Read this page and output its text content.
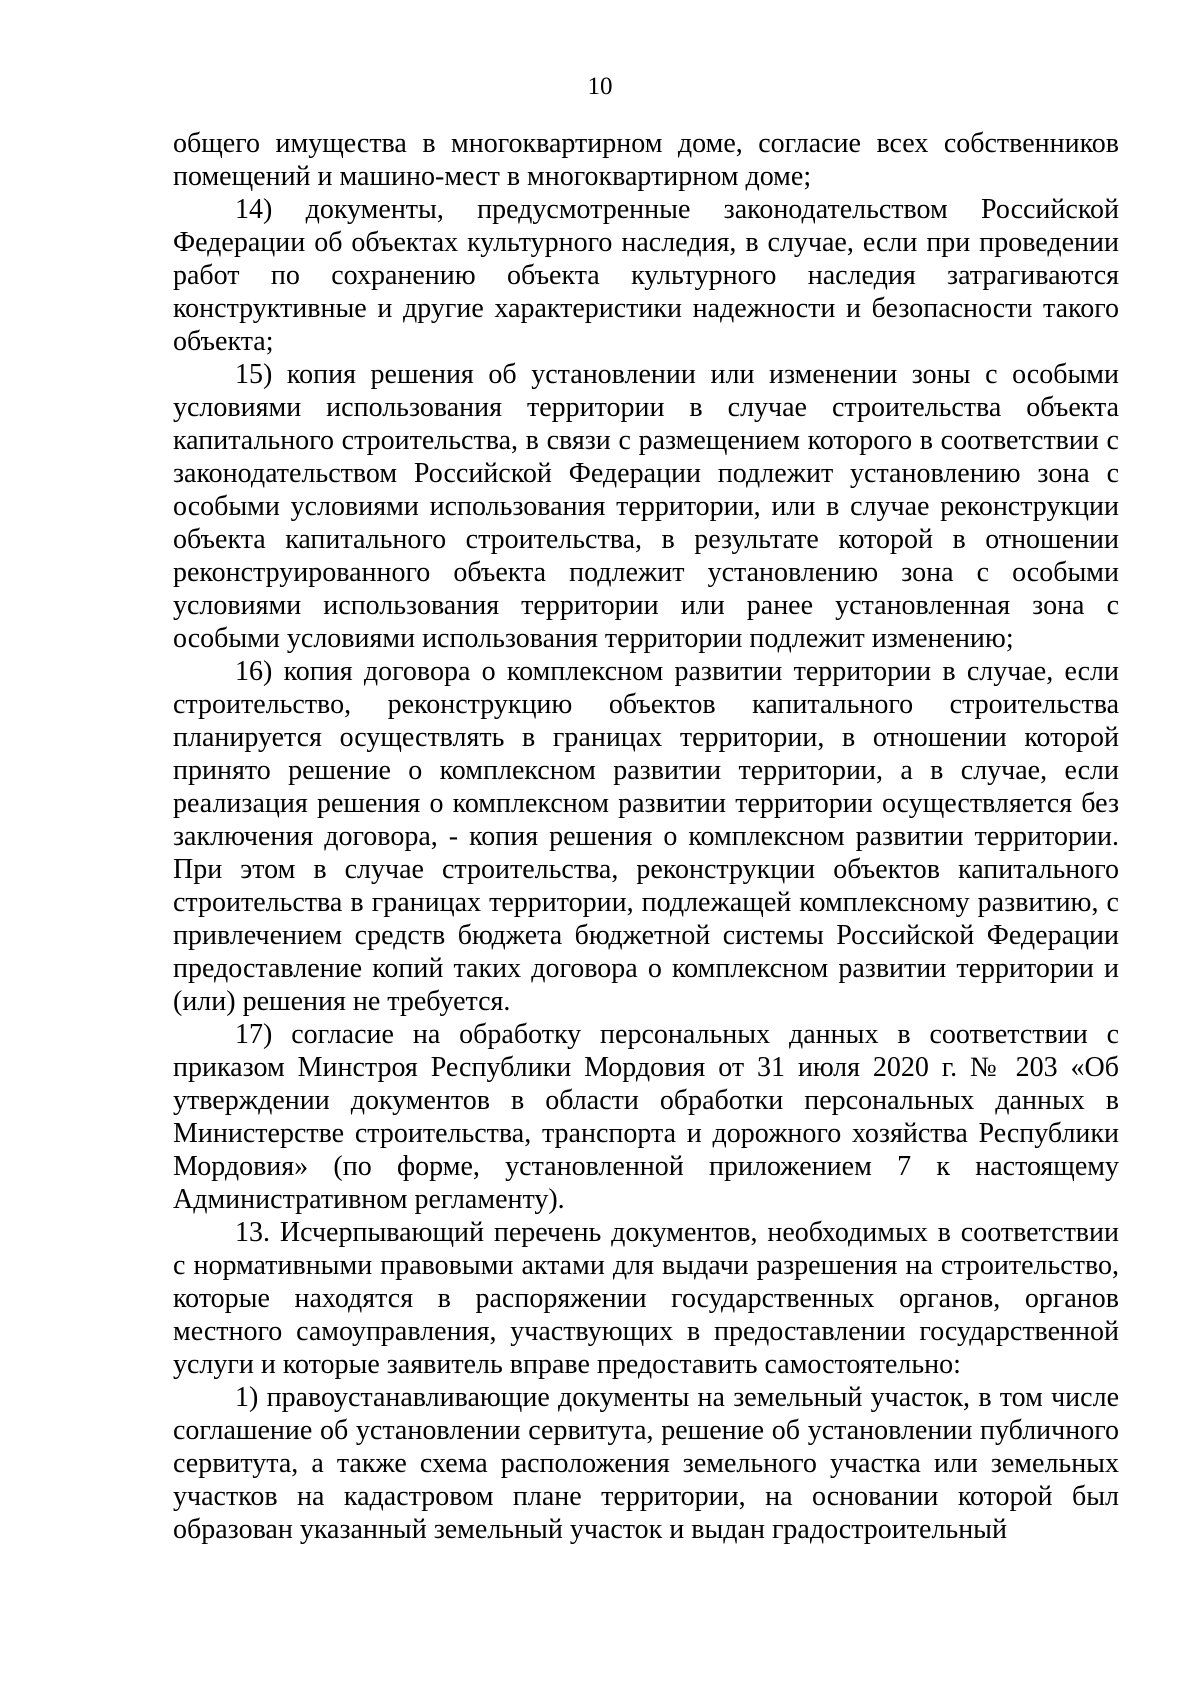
10

общего имущества в многоквартирном доме, согласие всех собственников помещений и машино-мест в многоквартирном доме;

14) документы, предусмотренные законодательством Российской Федерации об объектах культурного наследия, в случае, если при проведении работ по сохранению объекта культурного наследия затрагиваются конструктивные и другие характеристики надежности и безопасности такого объекта;

15) копия решения об установлении или изменении зоны с особыми условиями использования территории в случае строительства объекта капитального строительства, в связи с размещением которого в соответствии с законодательством Российской Федерации подлежит установлению зона с особыми условиями использования территории, или в случае реконструкции объекта капитального строительства, в результате которой в отношении реконструированного объекта подлежит установлению зона с особыми условиями использования территории или ранее установленная зона с особыми условиями использования территории подлежит изменению;

16) копия договора о комплексном развитии территории в случае, если строительство, реконструкцию объектов капитального строительства планируется осуществлять в границах территории, в отношении которой принято решение о комплексном развитии территории, а в случае, если реализация решения о комплексном развитии территории осуществляется без заключения договора, - копия решения о комплексном развитии территории. При этом в случае строительства, реконструкции объектов капитального строительства в границах территории, подлежащей комплексному развитию, с привлечением средств бюджета бюджетной системы Российской Федерации предоставление копий таких договора о комплексном развитии территории и (или) решения не требуется.

17) согласие на обработку персональных данных в соответствии с приказом Минстроя Республики Мордовия от 31 июля 2020 г. № 203 «Об утверждении документов в области обработки персональных данных в Министерстве строительства, транспорта и дорожного хозяйства Республики Мордовия» (по форме, установленной приложением 7 к настоящему Административном регламенту).

13. Исчерпывающий перечень документов, необходимых в соответствии с нормативными правовыми актами для выдачи разрешения на строительство, которые находятся в распоряжении государственных органов, органов местного самоуправления, участвующих в предоставлении государственной услуги и которые заявитель вправе предоставить самостоятельно:

1) правоустанавливающие документы на земельный участок, в том числе соглашение об установлении сервитута, решение об установлении публичного сервитута, а также схема расположения земельного участка или земельных участков на кадастровом плане территории, на основании которой был образован указанный земельный участок и выдан градостроительный
